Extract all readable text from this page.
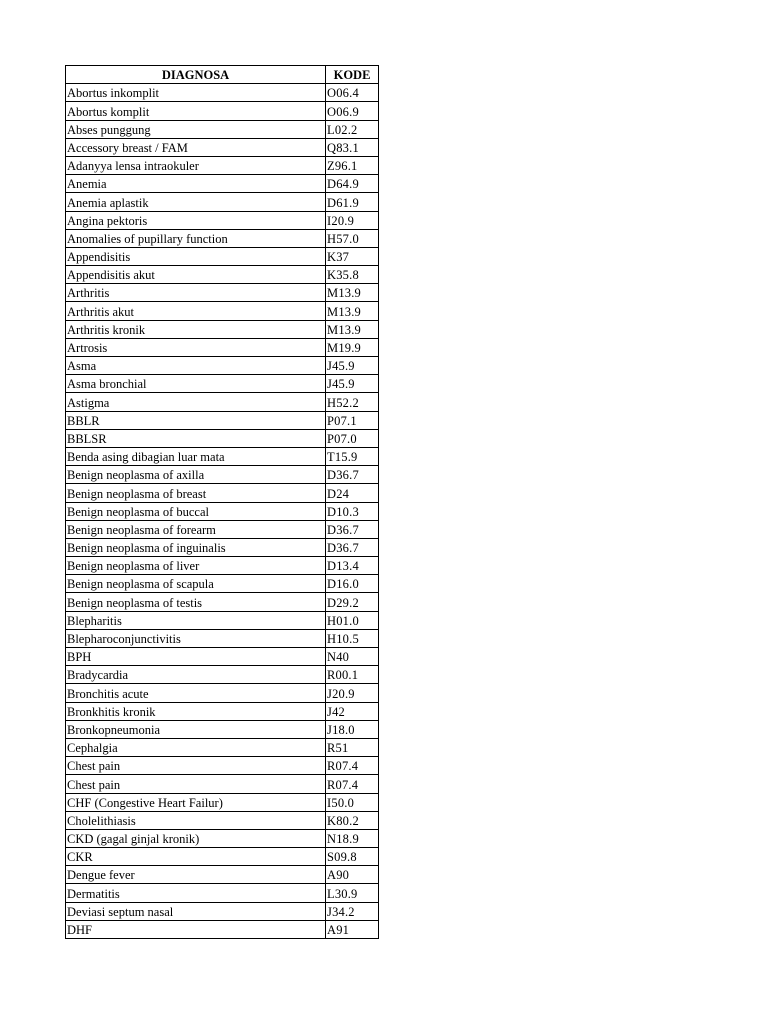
DIAGNOSA	KODE
Abortus inkomplit	O06.4
Abortus komplit	O06.9
Abses punggung	L02.2
Accessory breast / FAM	Q83.1
Adanyya lensa intraokuler	Z96.1
Anemia	D64.9
Anemia aplastik	D61.9
Angina pektoris	I20.9
Anomalies of pupillary function	H57.0
Appendisitis	K37
Appendisitis akut	K35.8
Arthritis	M13.9
Arthritis akut	M13.9
Arthritis kronik	M13.9
Artrosis	M19.9
Asma	J45.9
Asma bronchial	J45.9
Astigma	H52.2
BBLR	P07.1
BBLSR	P07.0
Benda asing dibagian luar mata	T15.9
Benign neoplasma of axilla	D36.7
Benign neoplasma of breast	D24
Benign neoplasma of buccal	D10.3
Benign neoplasma of forearm	D36.7
Benign neoplasma of inguinalis	D36.7
Benign neoplasma of liver	D13.4
Benign neoplasma of scapula	D16.0
Benign neoplasma of testis	D29.2
Blepharitis	H01.0
Blepharoconjunctivitis	H10.5
BPH	N40
Bradycardia	R00.1
Bronchitis acute	J20.9
Bronkhitis kronik	J42
Bronkopneumonia	J18.0
Cephalgia	R51
Chest pain	R07.4
Chest pain	R07.4
CHF (Congestive Heart Failur)	I50.0
Cholelithiasis	K80.2
CKD (gagal ginjal kronik)	N18.9
CKR	S09.8
Dengue fever	A90
Dermatitis	L30.9
Deviasi septum nasal	J34.2
DHF	A91
